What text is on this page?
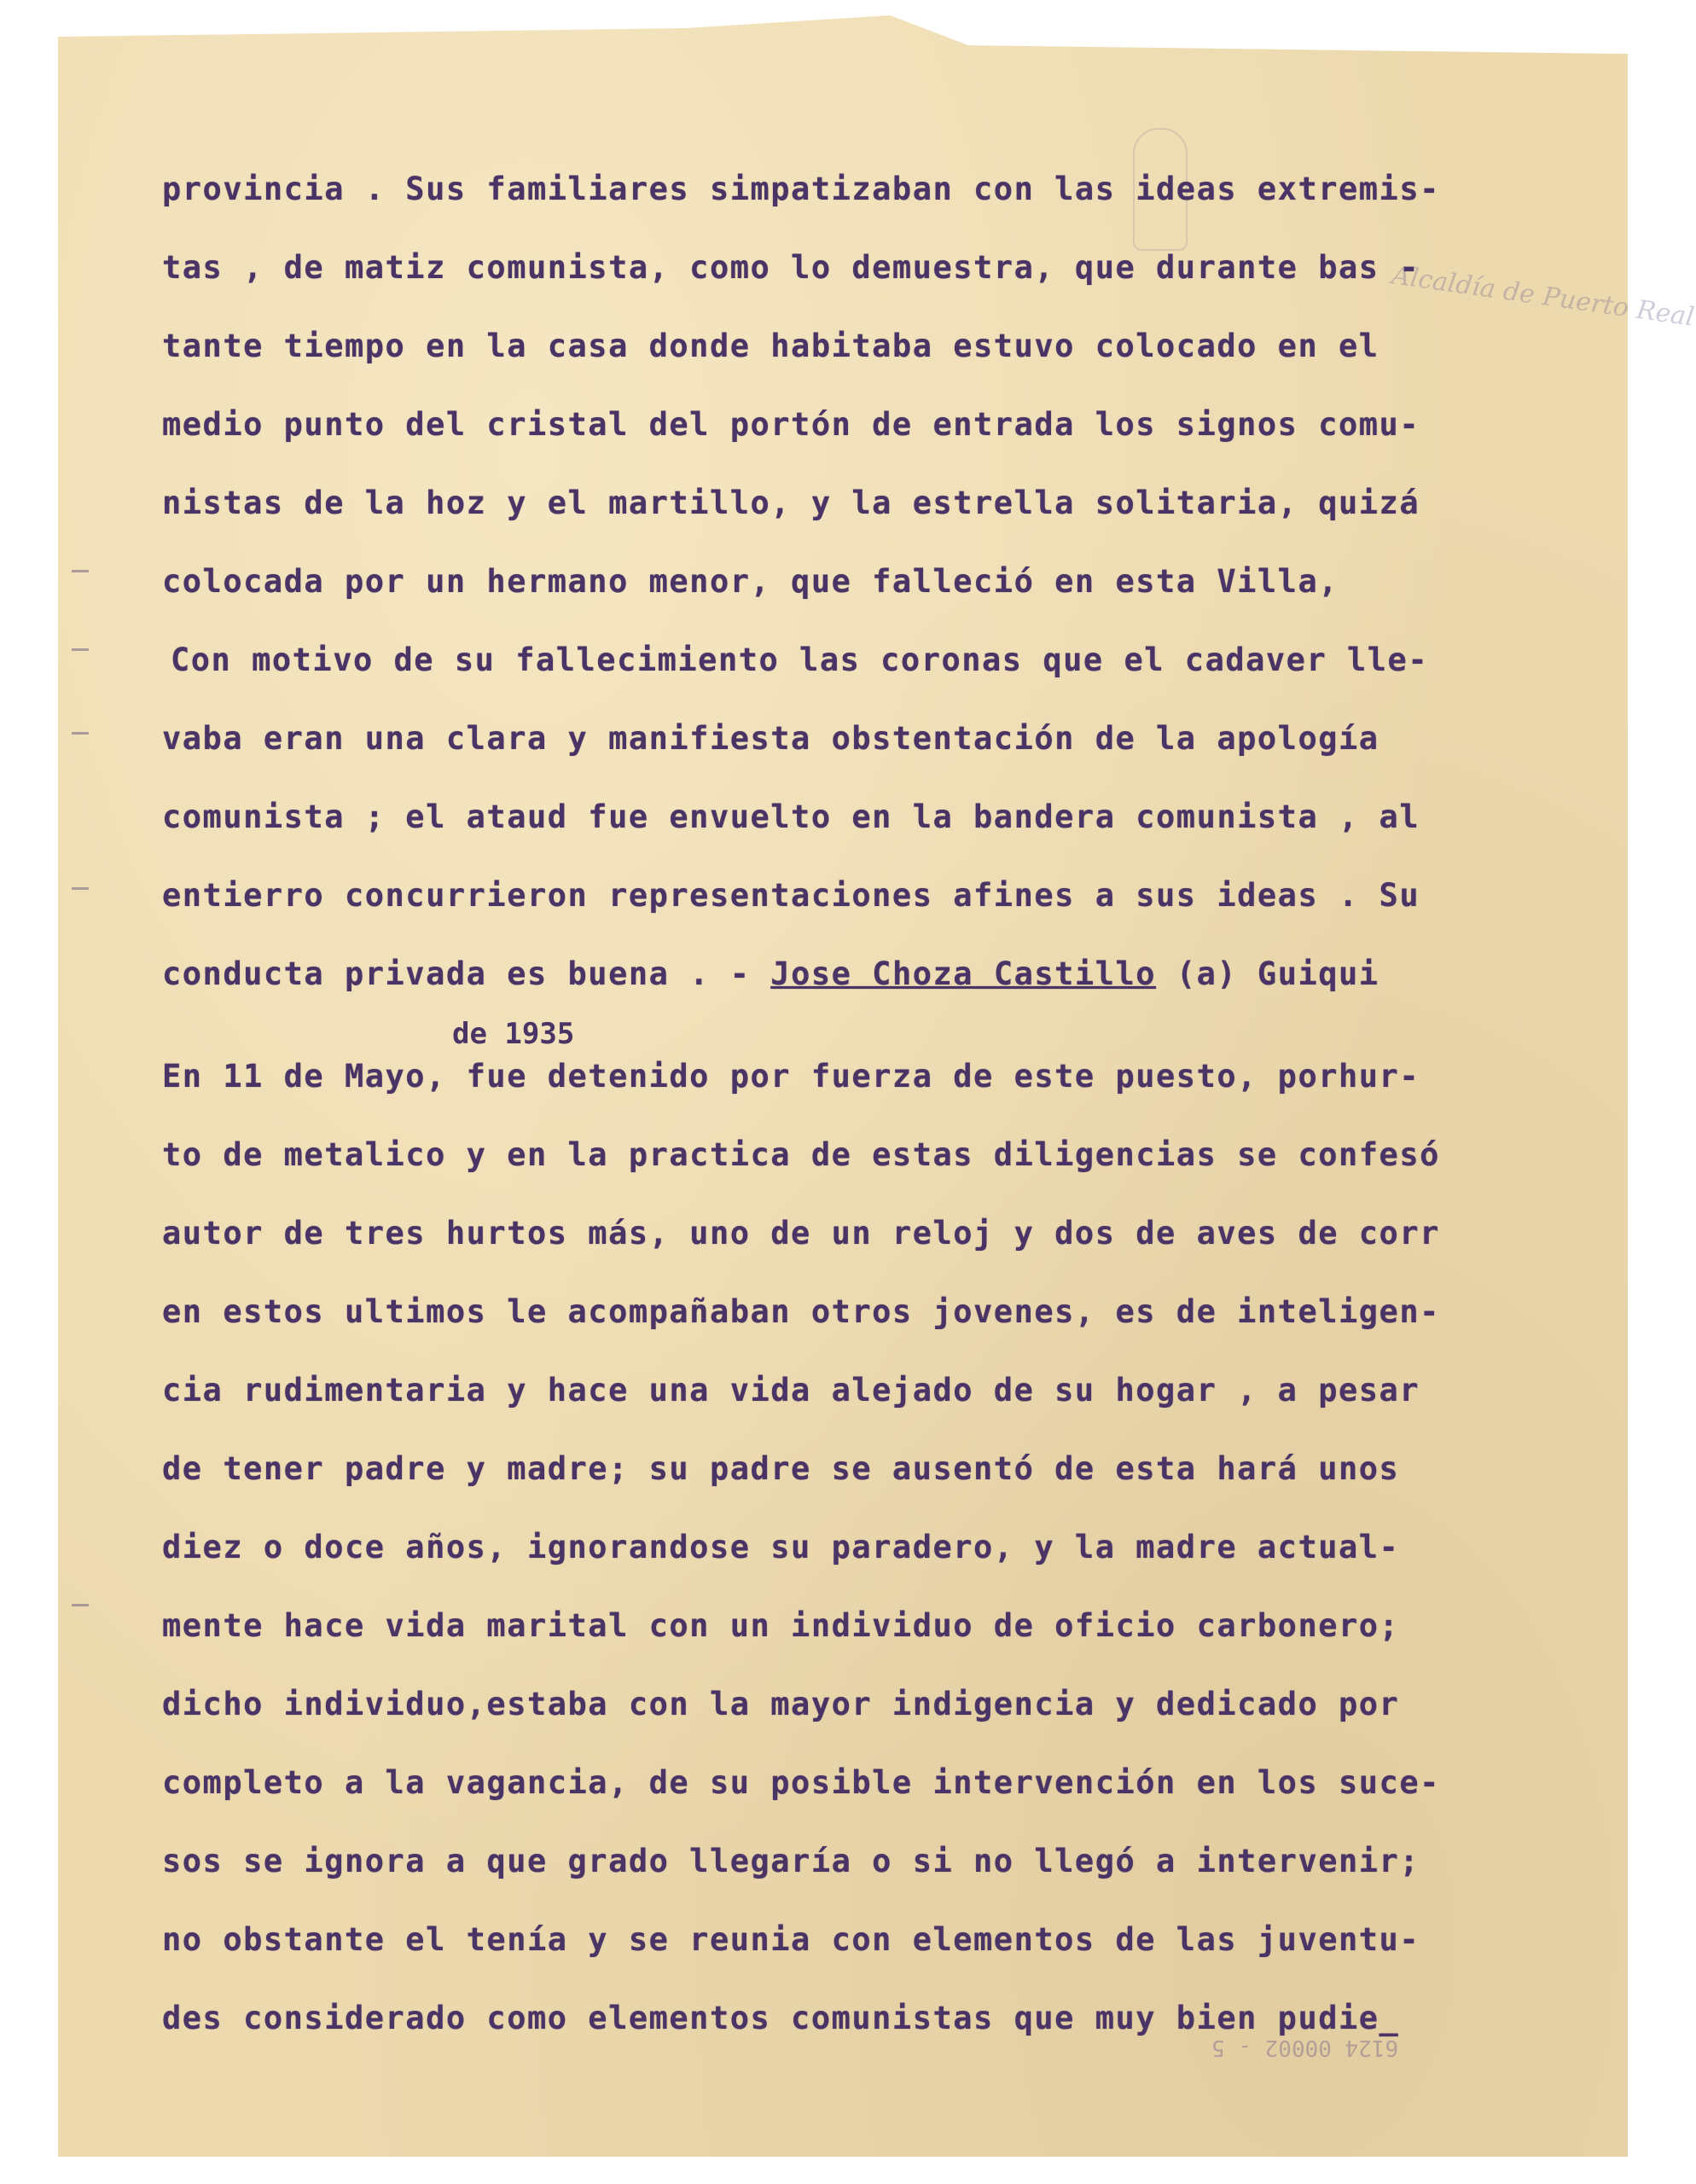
Alcaldía de Puerto Real
provincia . Sus familiares simpatizaban con las ideas extremis-
tas , de matiz comunista, como lo demuestra, que durante bas -
tante tiempo en la casa donde habitaba estuvo colocado en el
medio punto del cristal del portón de entrada los signos comu-
nistas de la hoz y el martillo, y la estrella solitaria, quizá
colocada por un hermano menor, que falleció en esta Villa,
Con motivo de su fallecimiento las coronas que el cadaver lle-
vaba eran una clara y manifiesta obstentación de la apología
comunista ; el ataud fue envuelto en la bandera comunista , al
entierro concurrieron representaciones afines a sus ideas . Su
conducta privada es buena . - Jose Choza Castillo (a) Guiqui
de 1935
En 11 de Mayo, fue detenido por fuerza de este puesto, porhur-
to de metalico y en la practica de estas diligencias se confesó
autor de tres hurtos más, uno de un reloj y dos de aves de corr
en estos ultimos le acompañaban otros jovenes, es de inteligen-
cia rudimentaria y hace una vida alejado de su hogar , a pesar
de tener padre y madre; su padre se ausentó de esta hará unos
diez o doce años, ignorandose su paradero, y la madre actual-
mente hace vida marital con un individuo de oficio carbonero;
dicho individuo,estaba con la mayor indigencia y dedicado por
completo a la vagancia, de su posible intervención en los suce-
sos se ignora a que grado llegaría o si no llegó a intervenir;
no obstante el tenía y se reunia con elementos de las juventu-
des considerado como elementos comunistas que muy bien pudie_
6124 00002 - 5
